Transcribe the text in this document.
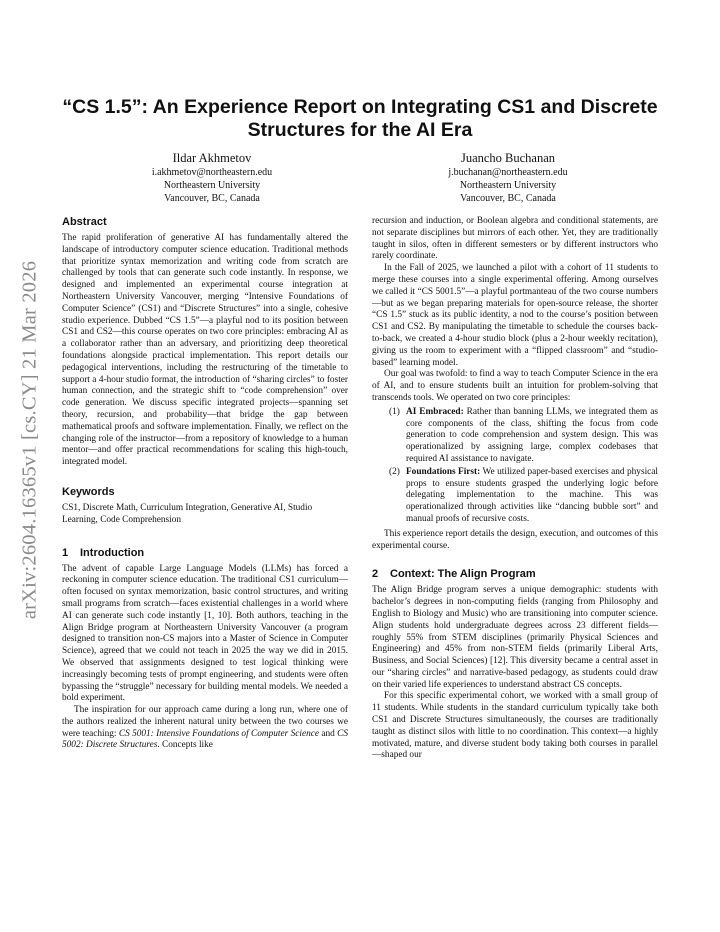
arXiv:2604.16365v1 [cs.CY] 21 Mar 2026
“CS 1.5”: An Experience Report on Integrating CS1 and Discrete Structures for the AI Era
Ildar Akhmetov
i.akhmetov@northeastern.edu
Northeastern University
Vancouver, BC, Canada
Juancho Buchanan
j.buchanan@northeastern.edu
Northeastern University
Vancouver, BC, Canada
Abstract

The rapid proliferation of generative AI has fundamentally altered the landscape of introductory computer science education. Traditional methods that prioritize syntax memorization and writing code from scratch are challenged by tools that can generate such code instantly. In response, we designed and implemented an experimental course integration at Northeastern University Vancouver, merging “Intensive Foundations of Computer Science” (CS1) and “Discrete Structures” into a single, cohesive studio experience. Dubbed “CS 1.5”—a playful nod to its position between CS1 and CS2—this course operates on two core principles: embracing AI as a collaborator rather than an adversary, and prioritizing deep theoretical foundations alongside practical implementation. This report details our pedagogical interventions, including the restructuring of the timetable to support a 4-hour studio format, the introduction of “sharing circles” to foster human connection, and the strategic shift to “code comprehension” over code generation. We discuss specific integrated projects—spanning set theory, recursion, and probability—that bridge the gap between mathematical proofs and software implementation. Finally, we reflect on the changing role of the instructor—from a repository of knowledge to a human mentor—and offer practical recommendations for scaling this high-touch, integrated model.

Keywords

CS1, Discrete Math, Curriculum Integration, Generative AI, Studio Learning, Code Comprehension

1 Introduction

The advent of capable Large Language Models (LLMs) has forced a reckoning in computer science education. The traditional CS1 curriculum—often focused on syntax memorization, basic control structures, and writing small programs from scratch—faces existential challenges in a world where AI can generate such code instantly [1, 10]. Both authors, teaching in the Align Bridge program at Northeastern University Vancouver (a program designed to transition non-CS majors into a Master of Science in Computer Science), agreed that we could not teach in 2025 the way we did in 2015. We observed that assignments designed to test logical thinking were increasingly becoming tests of prompt engineering, and students were often bypassing the “struggle” necessary for building mental models. We needed a bold experiment.

The inspiration for our approach came during a long run, where one of the authors realized the inherent natural unity between the two courses we were teaching: CS 5001: Intensive Foundations of Computer Science and CS 5002: Discrete Structures. Concepts like

recursion and induction, or Boolean algebra and conditional statements, are not separate disciplines but mirrors of each other. Yet, they are traditionally taught in silos, often in different semesters or by different instructors who rarely coordinate.

In the Fall of 2025, we launched a pilot with a cohort of 11 students to merge these courses into a single experimental offering. Among ourselves we called it “CS 5001.5”—a playful portmanteau of the two course numbers—but as we began preparing materials for open-source release, the shorter “CS 1.5” stuck as its public identity, a nod to the course’s position between CS1 and CS2. By manipulating the timetable to schedule the courses back-to-back, we created a 4-hour studio block (plus a 2-hour weekly recitation), giving us the room to experiment with a “flipped classroom” and “studio-based” learning model.

Our goal was twofold: to find a way to teach Computer Science in the era of AI, and to ensure students built an intuition for problem-solving that transcends tools. We operated on two core principles:

(1) AI Embraced: Rather than banning LLMs, we integrated them as core components of the class, shifting the focus from code generation to code comprehension and system design. This was operationalized by assigning large, complex codebases that required AI assistance to navigate.
(2) Foundations First: We utilized paper-based exercises and physical props to ensure students grasped the underlying logic before delegating implementation to the machine. This was operationalized through activities like “dancing bubble sort” and manual proofs of recursive costs.

This experience report details the design, execution, and outcomes of this experimental course.

2 Context: The Align Program

The Align Bridge program serves a unique demographic: students with bachelor’s degrees in non-computing fields (ranging from Philosophy and English to Biology and Music) who are transitioning into computer science. Align students hold undergraduate degrees across 23 different fields—roughly 55% from STEM disciplines (primarily Physical Sciences and Engineering) and 45% from non-STEM fields (primarily Liberal Arts, Business, and Social Sciences) [12]. This diversity became a central asset in our “sharing circles” and narrative-based pedagogy, as students could draw on their varied life experiences to understand abstract CS concepts.

For this specific experimental cohort, we worked with a small group of 11 students. While students in the standard curriculum typically take both CS1 and Discrete Structures simultaneously, the courses are traditionally taught as distinct silos with little to no coordination. This context—a highly motivated, mature, and diverse student body taking both courses in parallel—shaped our
